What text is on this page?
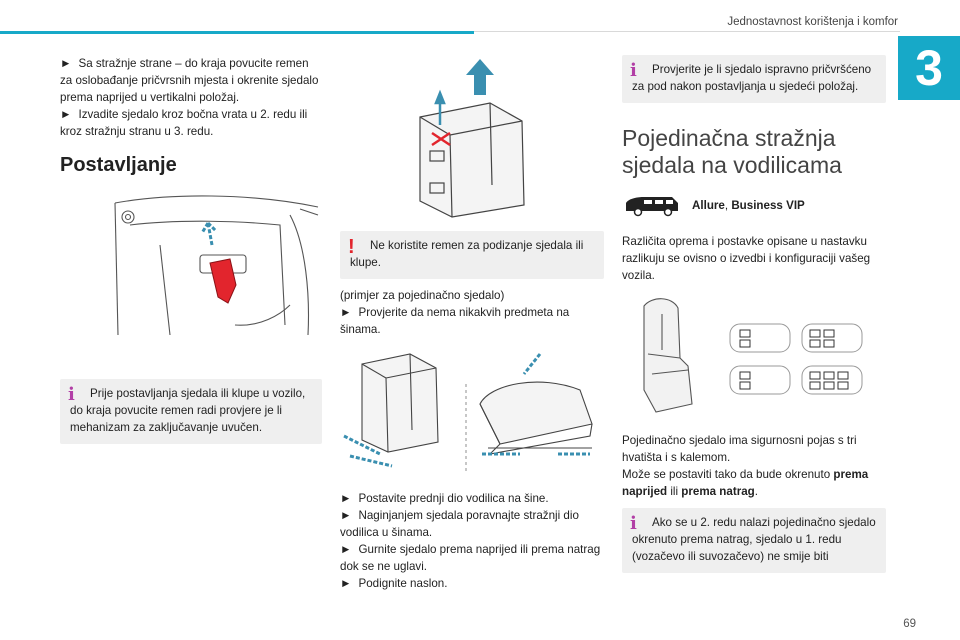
Jednostavnost korištenja i komfor
3
69

► Sa stražnje strane – do kraja povucite remen za oslobađanje pričvrsnih mjesta i okrenite sjedalo prema naprijed u vertikalni položaj.

► Izvadite sjedalo kroz bočna vrata u 2. redu ili kroz stražnju stranu u 3. redu.

Postavljanje
i	Prije postavljanja sjedala ili klupe u vozilo, do kraja povucite remen radi provjere je li mehanizam za zaključavanje uvučen.
!	Ne koristite remen za podizanje sjedala ili klupe.

(primjer za pojedinačno sjedalo)

► Provjerite da nema nikakvih predmeta na šinama.

► Postavite prednji dio vodilica na šine.

► Naginjanjem sjedala poravnajte stražnji dio vodilica u šinama.

► Gurnite sjedalo prema naprijed ili prema natrag dok se ne uglavi.

► Podignite naslon.

i	Provjerite je li sjedalo ispravno pričvršćeno za pod nakon postavljanja u sjedeći položaj.
Pojedinačna stražnja sjedala na vodilicama
Allure, Business VIP

Različita oprema i postavke opisane u nastavku razlikuju se ovisno o izvedbi i konfiguraciji vašeg vozila.

Pojedinačno sjedalo ima sigurnosni pojas s tri hvatišta i s kalemom.

Može se postaviti tako da bude okrenuto prema naprijed ili prema natrag.

i	Ako se u 2. redu nalazi pojedinačno sjedalo okrenuto prema natrag, sjedalo u 1. redu (vozačevo ili suvozačevo) ne smije biti
